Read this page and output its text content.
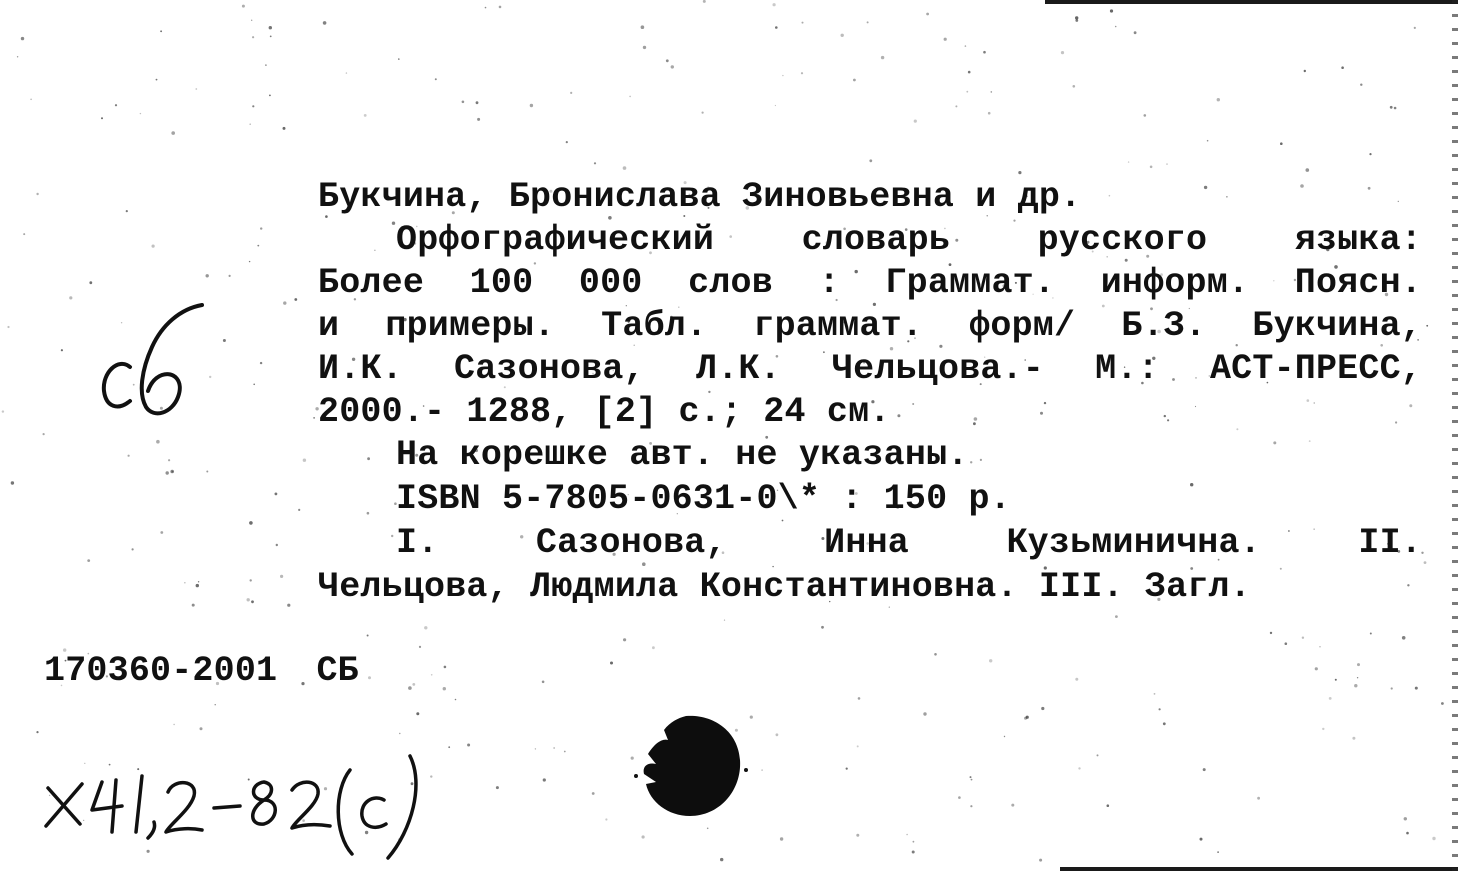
Букчина, Бронислава Зиновьевна и др.
Орфографический словарь русского языка:
Более 100 000 слов : Граммат. информ. Поясн.
и примеры. Табл. граммат. форм/ Б.З. Букчина,
И.К. Сазонова, Л.К. Чельцова.- М.: АСТ-ПРЕСС,
2000.- 1288, [2] с.; 24 см.
На корешке авт. не указаны.
ISBN 5-7805-0631-0\* : 150 р.
I. Сазонова, Инна Кузьминична. II.
Чельцова, Людмила Константиновна. III. Загл.
170360-2001 СБ
